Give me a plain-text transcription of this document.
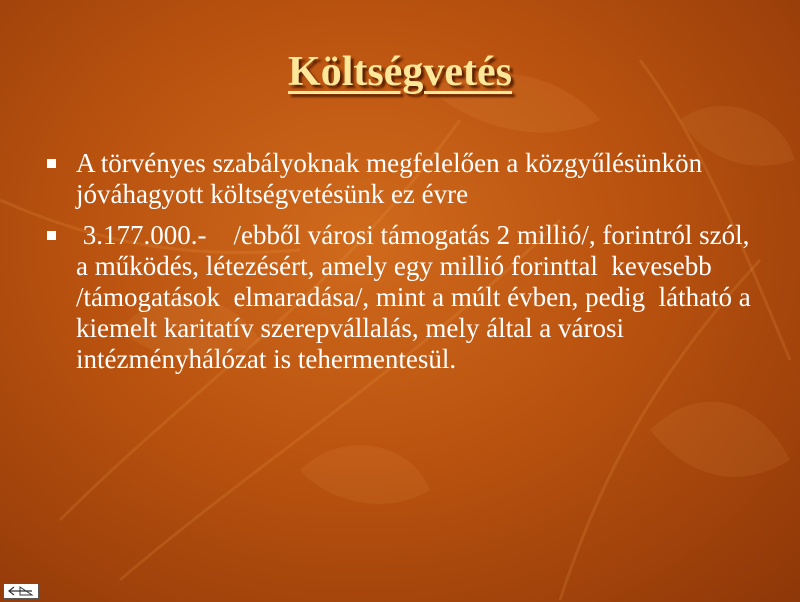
Költségvetés
A törvényes szabályoknak megfelelően a közgyűlésünkön jóváhagyott költségvetésünk ez évre
3.177.000.-    /ebből városi támogatás 2 millió/, forintról szól, a működés, létezésért, amely egy millió forinttal  kevesebb /támogatások  elmaradása/, mint a múlt évben, pedig  látható a kiemelt karitatív szerepvállalás, mely által a városi intézményhálózat is tehermentesül.
